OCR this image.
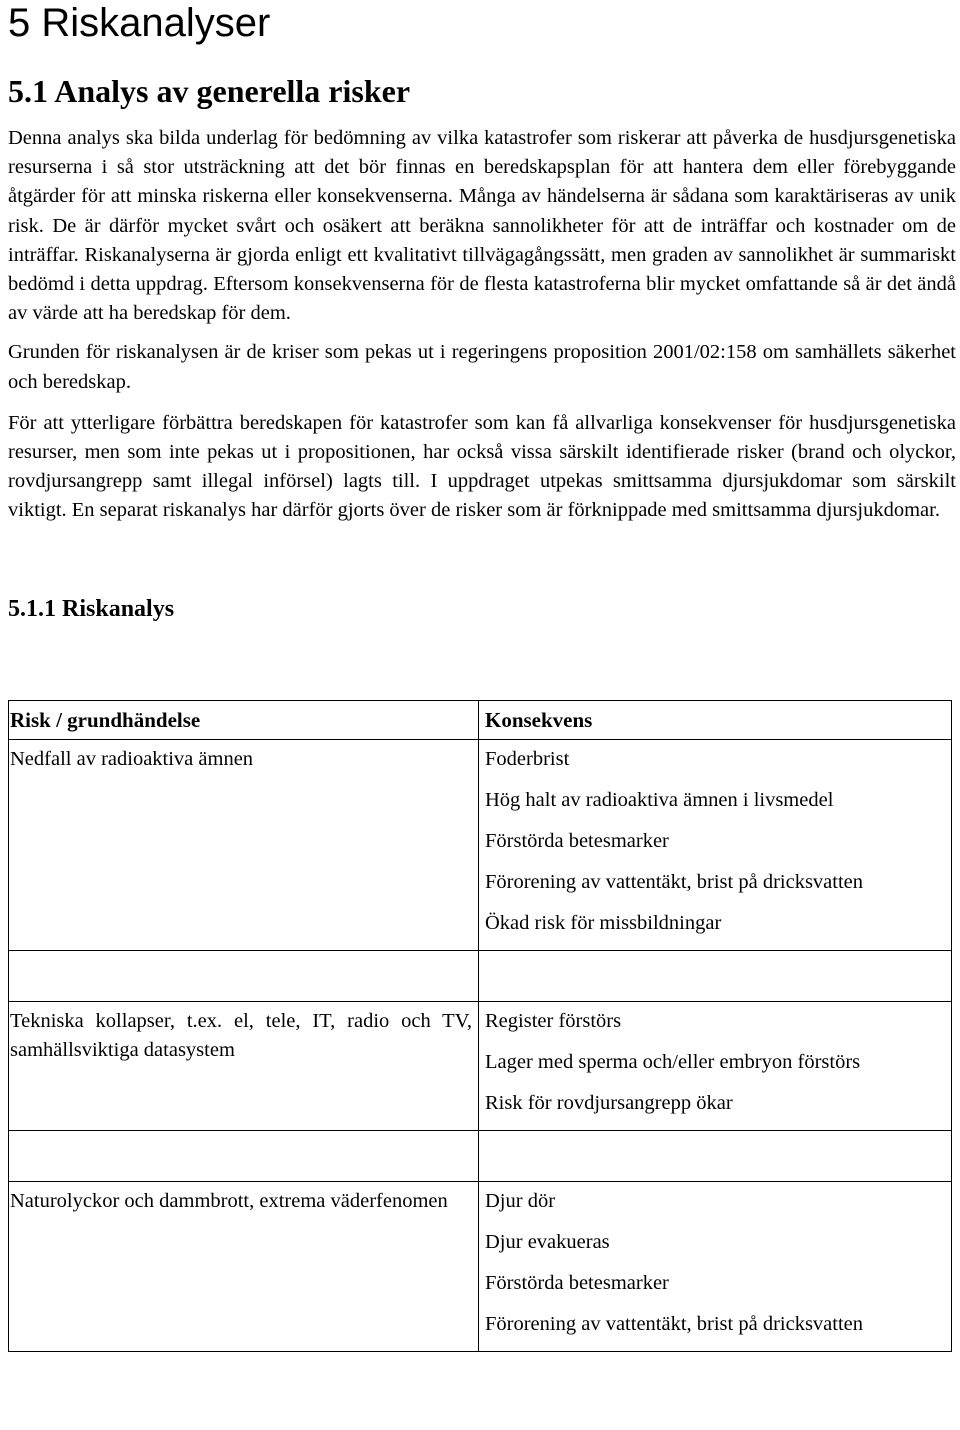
5 Riskanalyser
5.1 Analys av generella risker

Denna analys ska bilda underlag för bedömning av vilka katastrofer som riskerar att påverka de husdjursgenetiska resurserna i så stor utsträckning att det bör finnas en beredskapsplan för att hantera dem eller förebyggande åtgärder för att minska riskerna eller konsekvenserna. Många av händelserna är sådana som karaktäriseras av unik risk. De är därför mycket svårt och osäkert att beräkna sannolikheter för att de inträffar och kostnader om de inträffar. Riskanalyserna är gjorda enligt ett kvalitativt tillvägagångssätt, men graden av sannolikhet är summariskt bedömd i detta uppdrag. Eftersom konsekvenserna för de flesta katastroferna blir mycket omfattande så är det ändå av värde att ha beredskap för dem.

Grunden för riskanalysen är de kriser som pekas ut i regeringens proposition 2001/02:158 om samhällets säkerhet och beredskap.

För att ytterligare förbättra beredskapen för katastrofer som kan få allvarliga konsekvenser för husdjursgenetiska resurser, men som inte pekas ut i propositionen, har också vissa särskilt identifierade risker (brand och olyckor, rovdjursangrepp samt illegal införsel) lagts till. I uppdraget utpekas smittsamma djursjukdomar som särskilt viktigt. En separat riskanalys har därför gjorts över de risker som är förknippade med smittsamma djursjukdomar.

5.1.1 Riskanalys
Risk / grundhändelse	Konsekvens

Nedfall av radioaktiva ämnen	Foderbrist
Hög halt av radioaktiva ämnen i livsmedel
Förstörda betesmarker
Förorening av vattentäkt, brist på dricksvatten
Ökad risk för missbildningar

Tekniska kollapser, t.ex. el, tele, IT, radio och TV, samhällsviktiga datasystem	Register förstörs
Lager med sperma och/eller embryon förstörs
Risk för rovdjursangrepp ökar

Naturolyckor och dammbrott, extrema väderfenomen	Djur dör
Djur evakueras
Förstörda betesmarker
Förorening av vattentäkt, brist på dricksvatten
